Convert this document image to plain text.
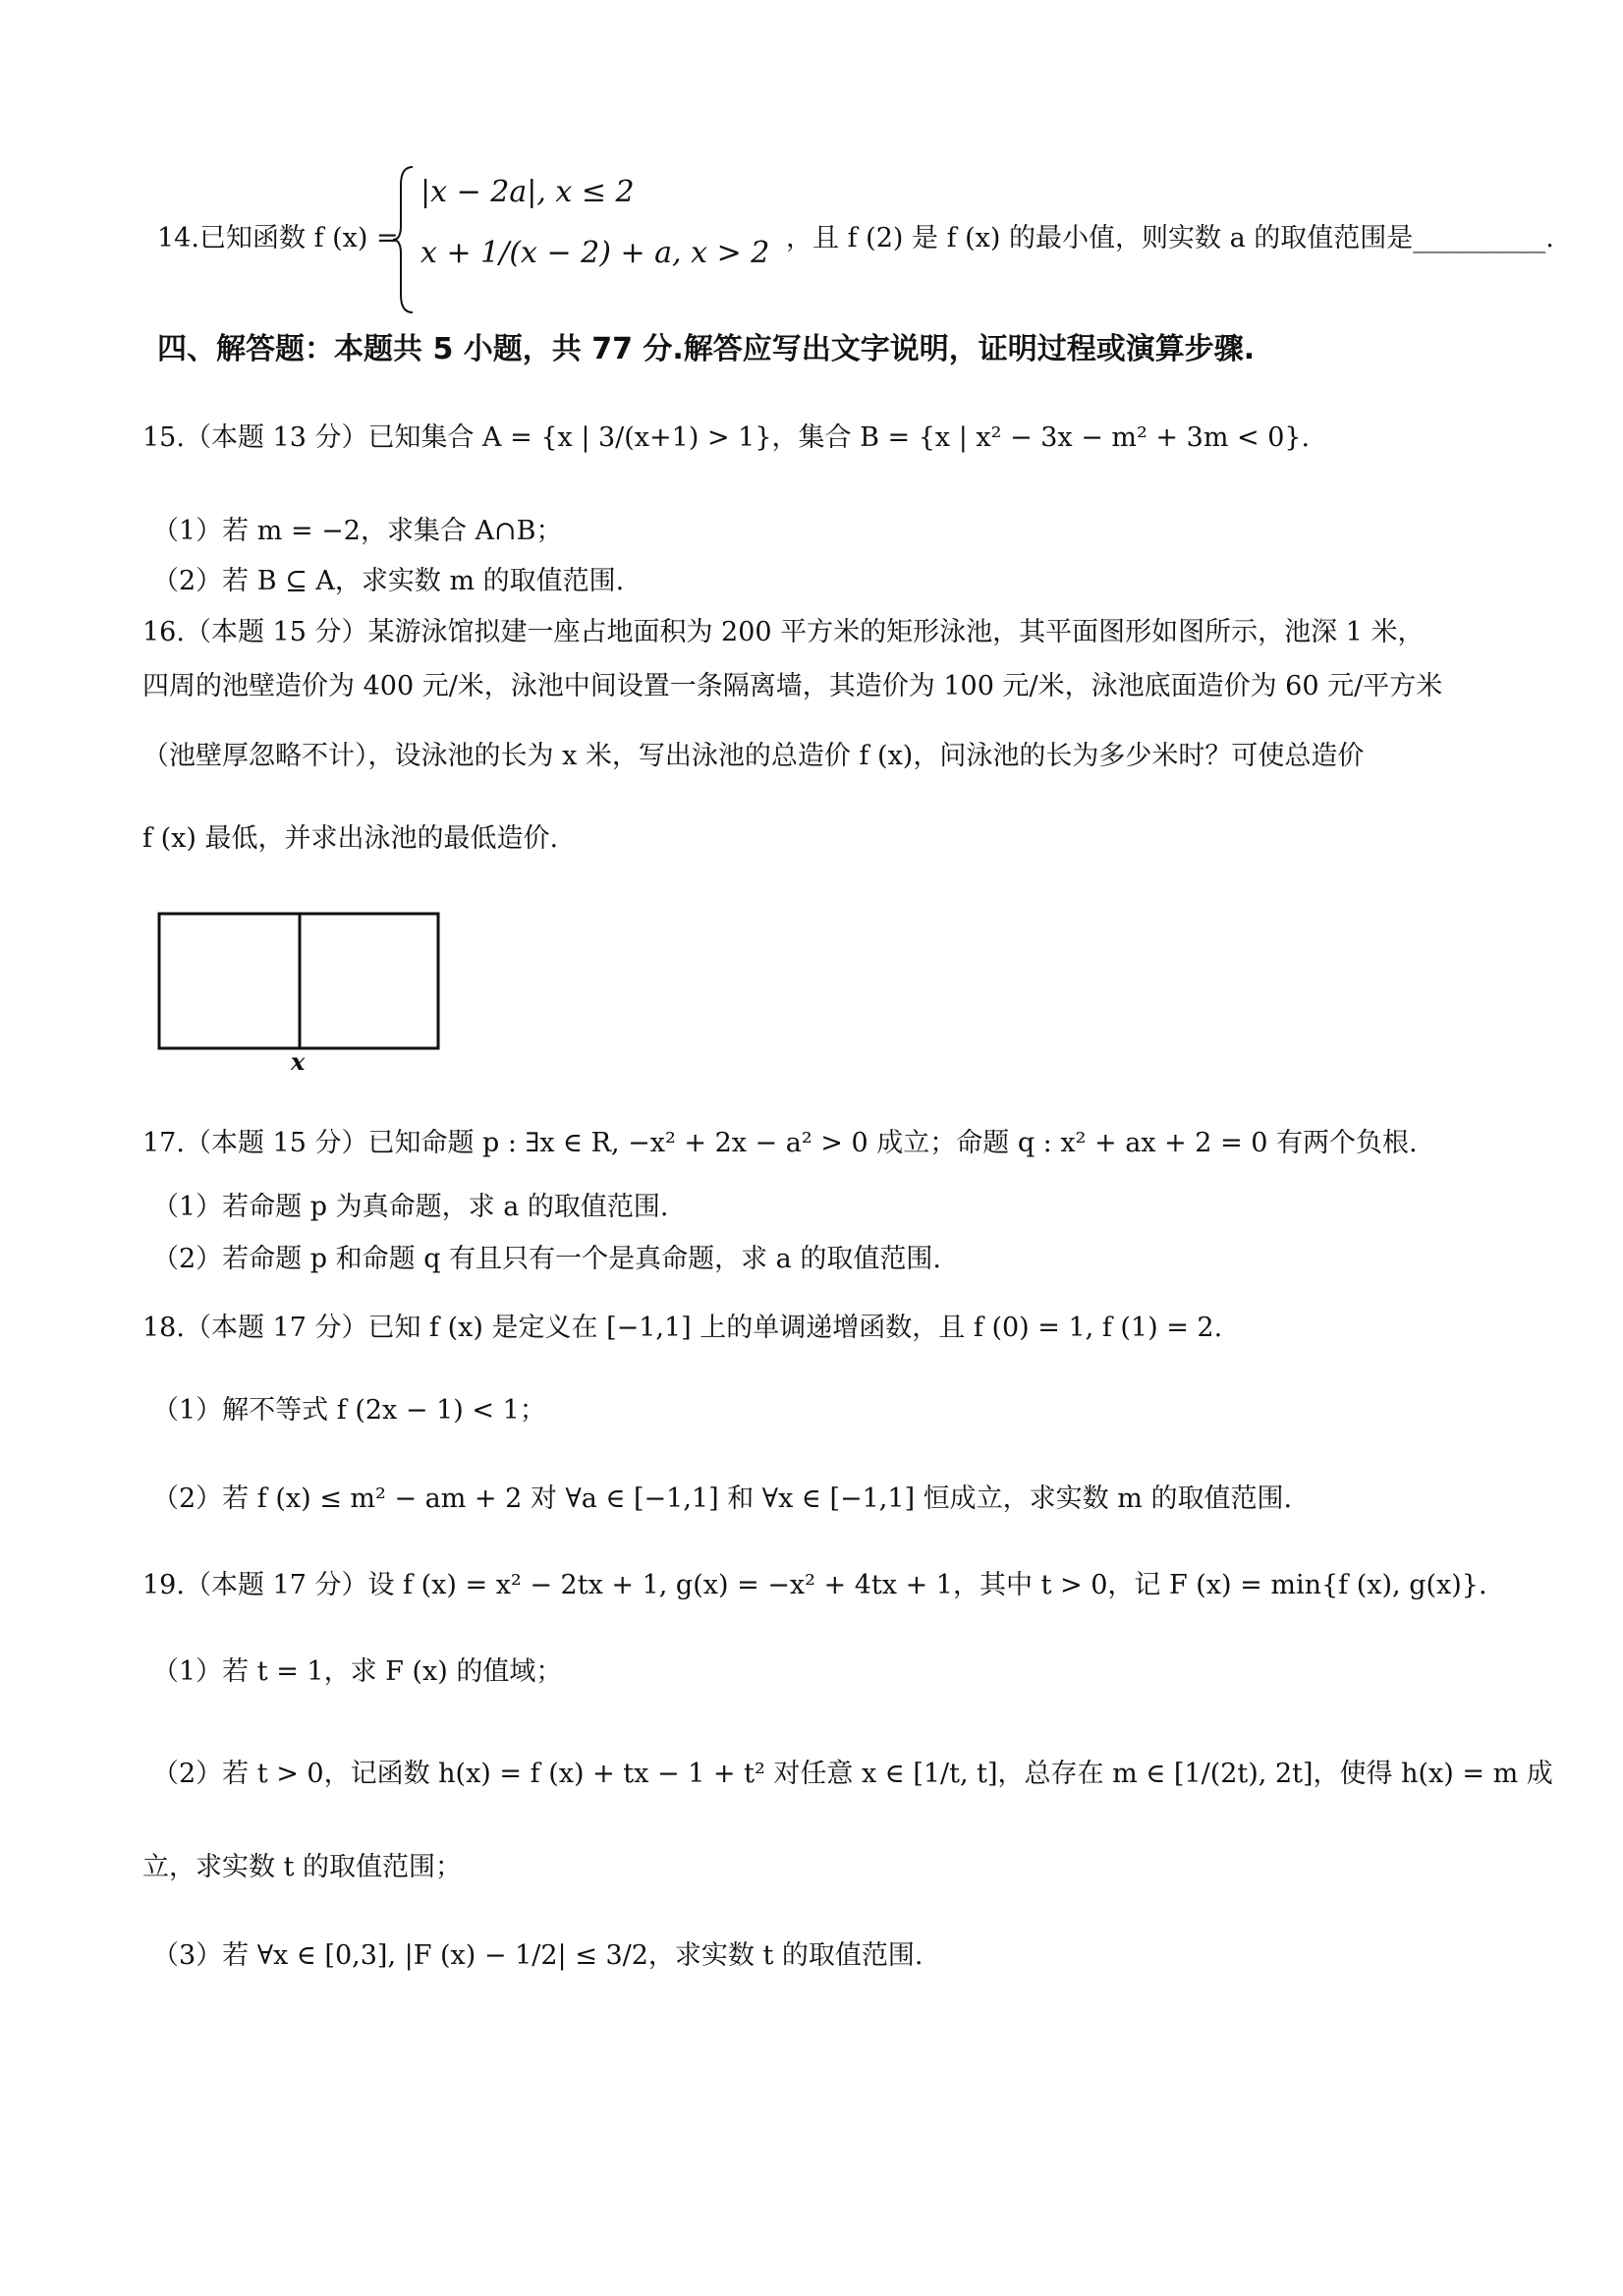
14.已知函数 f (x) =
|x − 2a|, x ≤ 2
x + 1/(x − 2) + a, x > 2 ，且 f (2) 是 f (x) 的最小值，则实数 a 的取值范围是__________.
四、解答题：本题共 5 小题，共 77 分.解答应写出文字说明，证明过程或演算步骤.
15.（本题 13 分）已知集合 A = {x | 3/(x+1) > 1}，集合 B = {x | x² − 3x − m² + 3m < 0}.
（1）若 m = −2，求集合 A∩B；
（2）若 B ⊆ A，求实数 m 的取值范围.
16.（本题 15 分）某游泳馆拟建一座占地面积为 200 平方米的矩形泳池，其平面图形如图所示，池深 1 米，
四周的池壁造价为 400 元/米，泳池中间设置一条隔离墙，其造价为 100 元/米，泳池底面造价为 60 元/平方米
（池壁厚忽略不计），设泳池的长为 x 米，写出泳池的总造价 f (x)，问泳池的长为多少米时？可使总造价
f (x) 最低，并求出泳池的最低造价.
x
17.（本题 15 分）已知命题 p : ∃x ∈ R, −x² + 2x − a² > 0 成立；命题 q : x² + ax + 2 = 0 有两个负根.
（1）若命题 p 为真命题，求 a 的取值范围.
（2）若命题 p 和命题 q 有且只有一个是真命题，求 a 的取值范围.
18.（本题 17 分）已知 f (x) 是定义在 [−1,1] 上的单调递增函数，且 f (0) = 1, f (1) = 2.
（1）解不等式 f (2x − 1) < 1；
（2）若 f (x) ≤ m² − am + 2 对 ∀a ∈ [−1,1] 和 ∀x ∈ [−1,1] 恒成立，求实数 m 的取值范围.
19.（本题 17 分）设 f (x) = x² − 2tx + 1, g(x) = −x² + 4tx + 1，其中 t > 0，记 F (x) = min{f (x), g(x)}.
（1）若 t = 1，求 F (x) 的值域；
（2）若 t > 0，记函数 h(x) = f (x) + tx − 1 + t² 对任意 x ∈ [1/t, t]，总存在 m ∈ [1/(2t), 2t]，使得 h(x) = m 成
立，求实数 t 的取值范围；
（3）若 ∀x ∈ [0,3], |F (x) − 1/2| ≤ 3/2，求实数 t 的取值范围.
